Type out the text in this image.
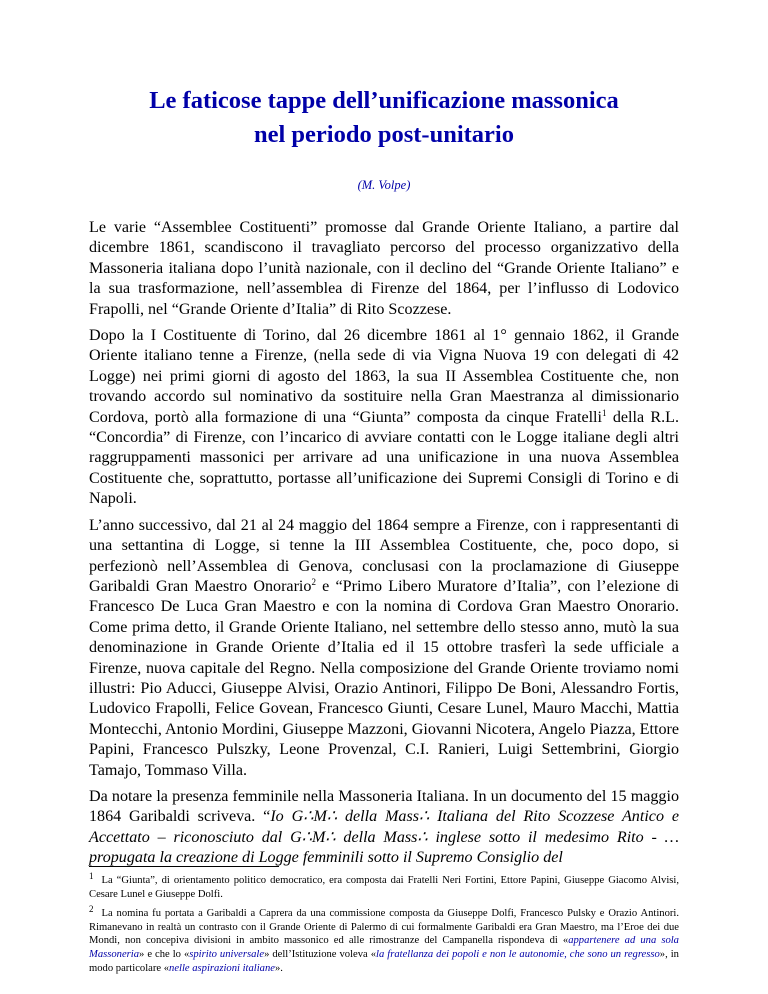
Le faticose tappe dell’unificazione massonica
nel periodo post-unitario

(M. Volpe)

Le varie “Assemblee Costituenti” promosse dal Grande Oriente Italiano, a partire dal dicembre 1861, scandiscono il travagliato percorso del processo organizzativo della Massoneria italiana dopo l’unità nazionale, con il declino del “Grande Oriente Italiano” e la sua trasformazione, nell’assemblea di Firenze del 1864, per l’influsso di Lodovico Frapolli, nel “Grande Oriente d’Italia” di Rito Scozzese.

Dopo la I Costituente di Torino, dal 26 dicembre 1861 al 1° gennaio 1862, il Grande Oriente italiano tenne a Firenze, (nella sede di via Vigna Nuova 19 con delegati di 42 Logge) nei primi giorni di agosto del 1863, la sua II Assemblea Costituente che, non trovando accordo sul nominativo da sostituire nella Gran Maestranza al dimissionario Cordova, portò alla formazione di una “Giunta” composta da cinque Fratelli$^1$ della R.L. “Concordia” di Firenze, con l’incarico di avviare contatti con le Logge italiane degli altri raggruppamenti massonici per arrivare ad una unificazione in una nuova Assemblea Costituente che, soprattutto, portasse all’unificazione dei Supremi Consigli di Torino e di Napoli.

L’anno successivo, dal 21 al 24 maggio del 1864 sempre a Firenze, con i rappresentanti di una settantina di Logge, si tenne la III Assemblea Costituente, che, poco dopo, si perfezionò nell’Assemblea di Genova, conclusasi con la proclamazione di Giuseppe Garibaldi Gran Maestro Onorario$^2$ e “Primo Libero Muratore d’Italia”, con l’elezione di Francesco De Luca Gran Maestro e con la nomina di Cordova Gran Maestro Onorario. Come prima detto, il Grande Oriente Italiano, nel settembre dello stesso anno, mutò la sua denominazione in Grande Oriente d’Italia ed il 15 ottobre trasferì la sede ufficiale a Firenze, nuova capitale del Regno. Nella composizione del Grande Oriente troviamo nomi illustri: Pio Aducci, Giuseppe Alvisi, Orazio Antinori, Filippo De Boni, Alessandro Fortis, Ludovico Frapolli, Felice Govean, Francesco Giunti, Cesare Lunel, Mauro Macchi, Mattia Montecchi, Antonio Mordini, Giuseppe Mazzoni, Giovanni Nicotera, Angelo Piazza, Ettore Papini, Francesco Pulszky, Leone Provenzal, C.I. Ranieri, Luigi Settembrini, Giorgio Tamajo, Tommaso Villa.

Da notare la presenza femminile nella Massoneria Italiana. In un documento del 15 maggio 1864 Garibaldi scriveva. “Io G∴M∴ della Mass∴ Italiana del Rito Scozzese Antico e Accettato – riconosciuto dal G∴M∴ della Mass∴ inglese sotto il medesimo Rito - … propugata la creazione di Logge femminili sotto il Supremo Consiglio del

$^1$ La “Giunta”, di orientamento politico democratico, era composta dai Fratelli Neri Fortini, Ettore Papini, Giuseppe Giacomo Alvisi, Cesare Lunel e Giuseppe Dolfi.

$^2$ La nomina fu portata a Garibaldi a Caprera da una commissione composta da Giuseppe Dolfi, Francesco Pulsky e Orazio Antinori. Rimanevano in realtà un contrasto con il Grande Oriente di Palermo di cui formalmente Garibaldi era Gran Maestro, ma l’Eroe dei due Mondi, non concepiva divisioni in ambito massonico ed alle rimostranze del Campanella rispondeva di «appartenere ad una sola Massoneria» e che lo «spirito universale» dell’Istituzione voleva «la fratellanza dei popoli e non le autonomie, che sono un regresso», in modo particolare «nelle aspirazioni italiane».
